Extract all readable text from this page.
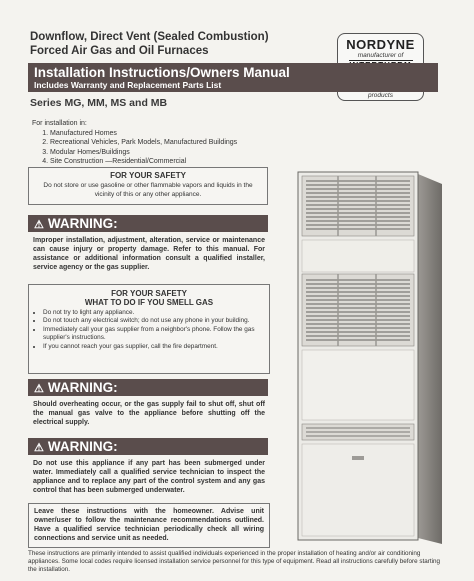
Downflow, Direct Vent (Sealed Combustion)
Forced Air Gas and Oil Furnaces	NORDYNE
manufacturer of
products
Installation Instructions/Owners Manual
Includes Warranty and Replacement Parts List
Series MG, MM, MS and MB
For installation in:
1. Manufactured Homes
2. Recreational Vehicles, Park Models, Manufactured Buildings
3. Modular Homes/Buildings
4. Site Construction —Residential/Commercial
FOR YOUR SAFETY
Do not store or use gasoline or other flammable vapors and liquids in the vicinity of this or any other appliance.
⚠ WARNING:
Improper installation, adjustment, alteration, service or maintenance can cause injury or property damage. Refer to this manual. For assistance or additional information consult a qualified installer, service agency or the gas supplier.
FOR YOUR SAFETY
WHAT TO DO IF YOU SMELL GAS
• Do not try to light any appliance.
• Do not touch any electrical switch; do not use any phone in your building.
• Immediately call your gas supplier from a neighbor's phone. Follow the gas supplier's instructions.
• If you cannot reach your gas supplier, call the fire department.
⚠ WARNING:
Should overheating occur, or the gas supply fail to shut off, shut off the manual gas valve to the appliance before shutting off the electrical supply.
⚠ WARNING:
Do not use this appliance if any part has been submerged under water. Immediately call a qualified service technician to inspect the appliance and to replace any part of the control system and any gas control that has been submerged underwater.
Leave these instructions with the homeowner. Advise unit owner/user to follow the maintenance recommendations outlined. Have a qualified service technician periodically check all wiring connections and service unit as needed.
These instructions are primarily intended to assist qualified individuals experienced in the proper installation of heating and/or air conditioning appliances. Some local codes require licensed installation service personnel for this type of equipment. Read all instructions carefully before starting the installation.
